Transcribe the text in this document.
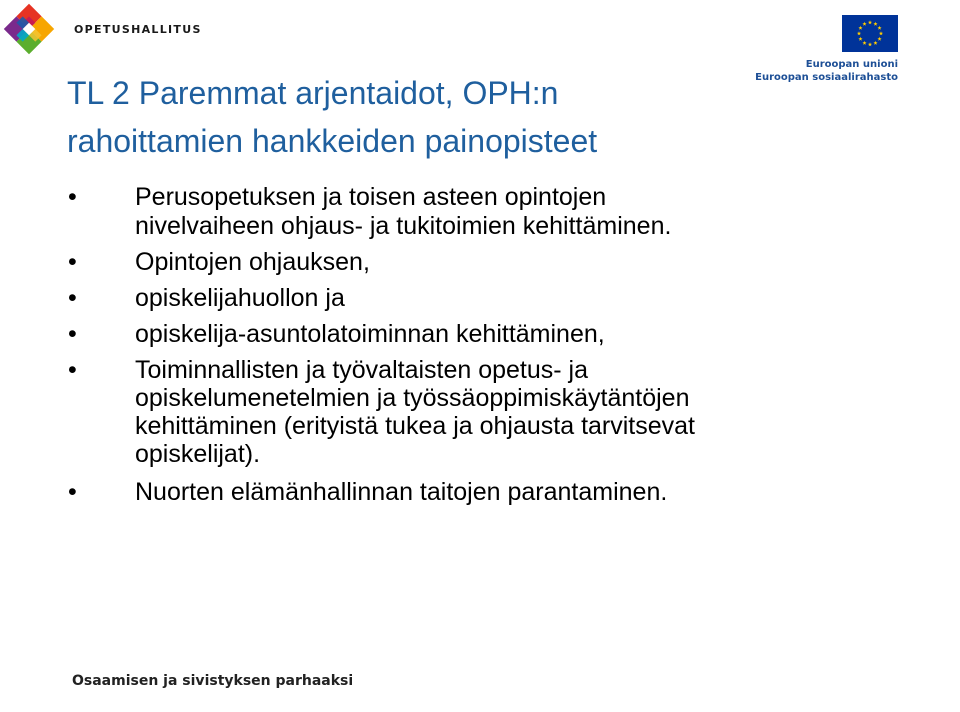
OPETUSHALLITUS
Euroopan unioni
Euroopan sosiaalirahasto
TL 2 Paremmat arjentaidot, OPH:n
rahoittamien hankkeiden painopisteet
• Perusopetuksen ja toisen asteen opintojen
nivelvaiheen ohjaus- ja tukitoimien kehittäminen.
• Opintojen ohjauksen,
• opiskelijahuollon ja
• opiskelija-asuntolatoiminnan kehittäminen,
• Toiminnallisten ja työvaltaisten opetus- ja
opiskelumenetelmien ja työssäoppimiskäytäntöjen
kehittäminen (erityistä tukea ja ohjausta tarvitsevat
opiskelijat).
• Nuorten elämänhallinnan taitojen parantaminen.
Osaamisen ja sivistyksen parhaaksi
